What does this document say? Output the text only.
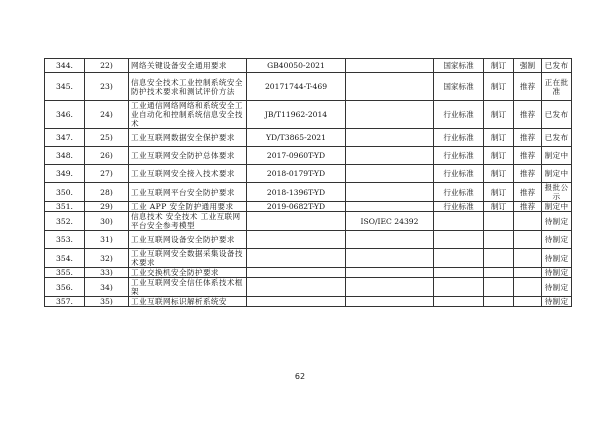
344.	22)	网络关键设备安全通用要求	GB40050-2021		国家标准	制订	强制	已发布
345.	23)	信息安全技术工业控制系统安全防护技术要求和测试评价方法	20171744-T-469		国家标准	制订	推荐	正在批准
346.	24)	工业通信网络网络和系统安全工业自动化和控制系统信息安全技术	JB/T11962-2014		行业标准	制订	推荐	已发布
347.	25)	工业互联网数据安全保护要求	YD/T3865-2021		行业标准	制订	推荐	已发布
348.	26)	工业互联网安全防护总体要求	2017-0960T-YD		行业标准	制订	推荐	制定中
349.	27)	工业互联网安全接入技术要求	2018-0179T-YD		行业标准	制订	推荐	制定中
350.	28)	工业互联网平台安全防护要求	2018-1396T-YD		行业标准	制订	推荐	报批公示
351.	29)	工业 APP 安全防护通用要求	2019-0682T-YD		行业标准	制订	推荐	制定中
352.	30)	信息技术 安全技术 工业互联网平台安全参考模型		ISO/IEC 24392				待制定
353.	31)	工业互联网设备安全防护要求						待制定
354.	32)	工业互联网安全数据采集设备技术要求						待制定
355.	33)	工业交换机安全防护要求						待制定
356.	34)	工业互联网安全信任体系技术框架						待制定
357.	35)	工业互联网标识解析系统安						待制定
62
